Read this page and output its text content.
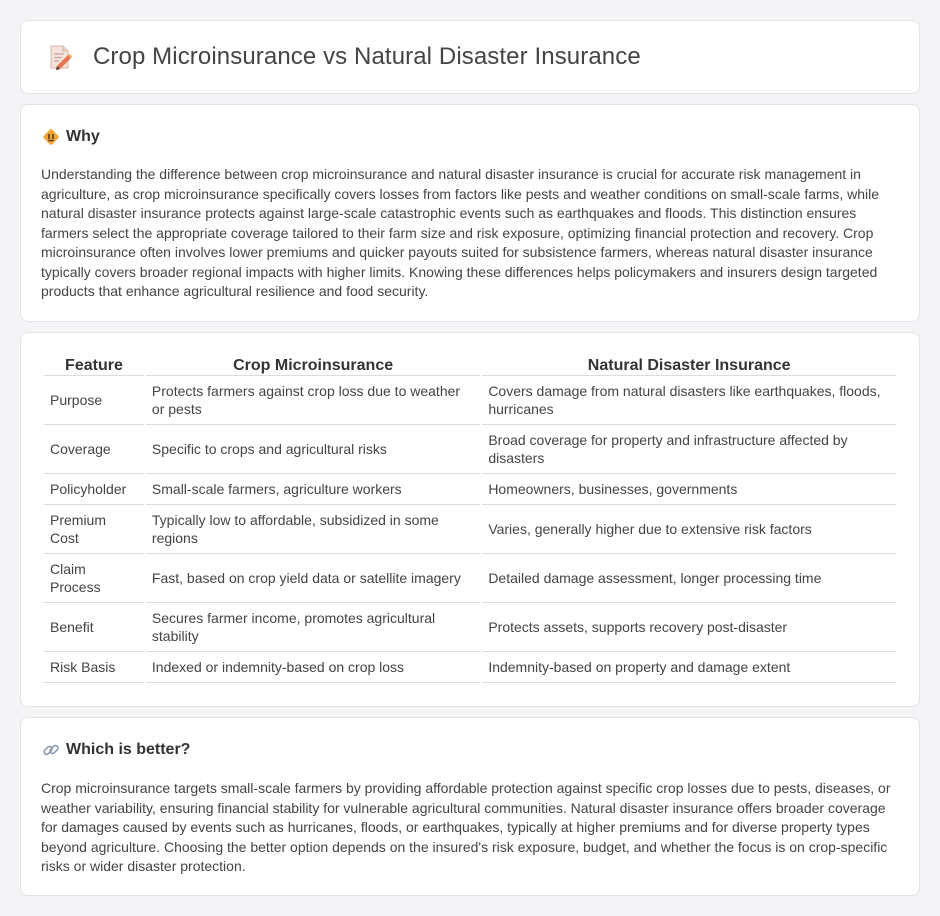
Crop Microinsurance vs Natural Disaster Insurance
Why

Understanding the difference between crop microinsurance and natural disaster insurance is crucial for accurate risk management in agriculture, as crop microinsurance specifically covers losses from factors like pests and weather conditions on small-scale farms, while natural disaster insurance protects against large-scale catastrophic events such as earthquakes and floods. This distinction ensures farmers select the appropriate coverage tailored to their farm size and risk exposure, optimizing financial protection and recovery. Crop microinsurance often involves lower premiums and quicker payouts suited for subsistence farmers, whereas natural disaster insurance typically covers broader regional impacts with higher limits. Knowing these differences helps policymakers and insurers design targeted products that enhance agricultural resilience and food security.

Feature	Crop Microinsurance	Natural Disaster Insurance
Purpose	Protects farmers against crop loss due to weather or pests	Covers damage from natural disasters like earthquakes, floods, hurricanes
Coverage	Specific to crops and agricultural risks	Broad coverage for property and infrastructure affected by disasters
Policyholder	Small-scale farmers, agriculture workers	Homeowners, businesses, governments
Premium Cost	Typically low to affordable, subsidized in some regions	Varies, generally higher due to extensive risk factors
Claim Process	Fast, based on crop yield data or satellite imagery	Detailed damage assessment, longer processing time
Benefit	Secures farmer income, promotes agricultural stability	Protects assets, supports recovery post-disaster
Risk Basis	Indexed or indemnity-based on crop loss	Indemnity-based on property and damage extent
Which is better?

Crop microinsurance targets small-scale farmers by providing affordable protection against specific crop losses due to pests, diseases, or weather variability, ensuring financial stability for vulnerable agricultural communities. Natural disaster insurance offers broader coverage for damages caused by events such as hurricanes, floods, or earthquakes, typically at higher premiums and for diverse property types beyond agriculture. Choosing the better option depends on the insured's risk exposure, budget, and whether the focus is on crop-specific risks or wider disaster protection.
